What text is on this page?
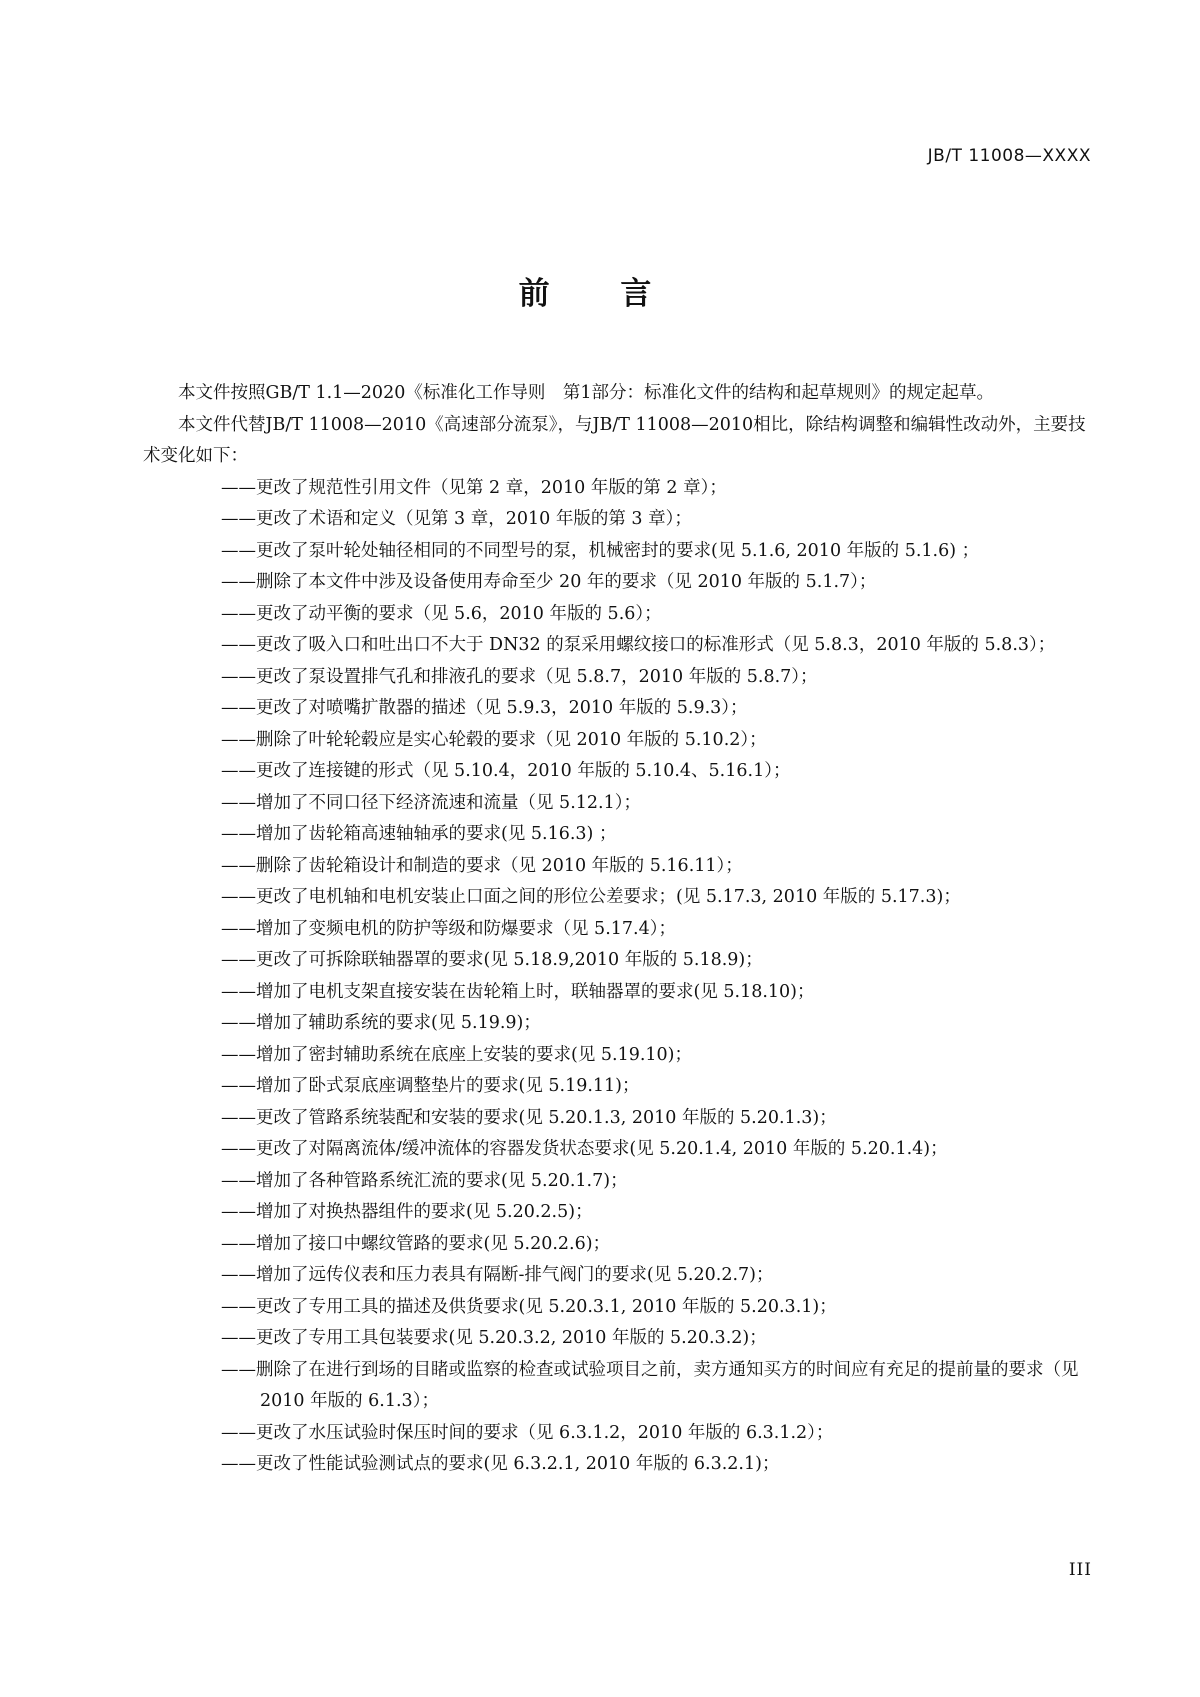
JB/T 11008—XXXX
前 言

本文件按照GB/T 1.1—2020《标准化工作导则　第1部分：标准化文件的结构和起草规则》的规定起草。

本文件代替JB/T 11008—2010《高速部分流泵》，与JB/T 11008—2010相比，除结构调整和编辑性改动外，主要技术变化如下：

——更改了规范性引用文件（见第 2 章，2010 年版的第 2 章）；
——更改了术语和定义（见第 3 章，2010 年版的第 3 章）；
——更改了泵叶轮处轴径相同的不同型号的泵，机械密封的要求(见 5.1.6, 2010 年版的 5.1.6) ；
——删除了本文件中涉及设备使用寿命至少 20 年的要求（见 2010 年版的 5.1.7）；
——更改了动平衡的要求（见 5.6，2010 年版的 5.6）；
——更改了吸入口和吐出口不大于 DN32 的泵采用螺纹接口的标准形式（见 5.8.3，2010 年版的 5.8.3）；
——更改了泵设置排气孔和排液孔的要求（见 5.8.7，2010 年版的 5.8.7）；
——更改了对喷嘴扩散器的描述（见 5.9.3，2010 年版的 5.9.3）；
——删除了叶轮轮毂应是实心轮毂的要求（见 2010 年版的 5.10.2）；
——更改了连接键的形式（见 5.10.4，2010 年版的 5.10.4、5.16.1）；
——增加了不同口径下经济流速和流量（见 5.12.1）；
——增加了齿轮箱高速轴轴承的要求(见 5.16.3) ；
——删除了齿轮箱设计和制造的要求（见 2010 年版的 5.16.11）；
——更改了电机轴和电机安装止口面之间的形位公差要求；(见 5.17.3, 2010 年版的 5.17.3)；
——增加了变频电机的防护等级和防爆要求（见 5.17.4）；
——更改了可拆除联轴器罩的要求(见 5.18.9,2010 年版的 5.18.9)；
——增加了电机支架直接安装在齿轮箱上时，联轴器罩的要求(见 5.18.10)；
——增加了辅助系统的要求(见 5.19.9)；
——增加了密封辅助系统在底座上安装的要求(见 5.19.10)；
——增加了卧式泵底座调整垫片的要求(见 5.19.11)；
——更改了管路系统装配和安装的要求(见 5.20.1.3, 2010 年版的 5.20.1.3)；
——更改了对隔离流体/缓冲流体的容器发货状态要求(见 5.20.1.4, 2010 年版的 5.20.1.4)；
——增加了各种管路系统汇流的要求(见 5.20.1.7)；
——增加了对换热器组件的要求(见 5.20.2.5)；
——增加了接口中螺纹管路的要求(见 5.20.2.6)；
——增加了远传仪表和压力表具有隔断-排气阀门的要求(见 5.20.2.7)；
——更改了专用工具的描述及供货要求(见 5.20.3.1, 2010 年版的 5.20.3.1)；
——更改了专用工具包装要求(见 5.20.3.2, 2010 年版的 5.20.3.2)；
——删除了在进行到场的目睹或监察的检查或试验项目之前，卖方通知买方的时间应有充足的提前量的要求（见 2010 年版的 6.1.3）；
——更改了水压试验时保压时间的要求（见 6.3.1.2，2010 年版的 6.3.1.2）；
——更改了性能试验测试点的要求(见 6.3.2.1, 2010 年版的 6.3.2.1)；
III
